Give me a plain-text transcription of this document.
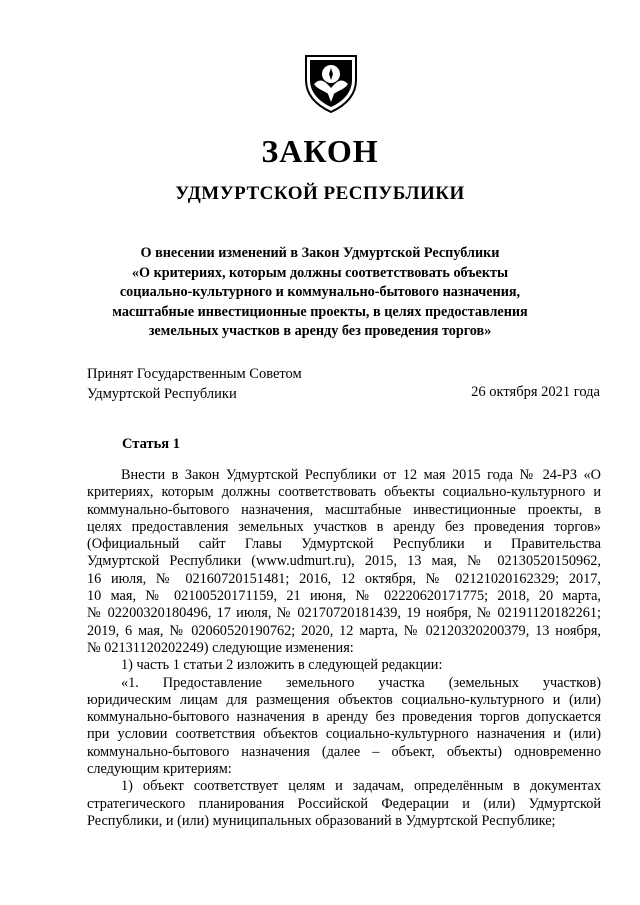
ЗАКОН
УДМУРТСКОЙ РЕСПУБЛИКИ
О внесении изменений в Закон Удмуртской Республики
«О критериях, которым должны соответствовать объекты
социально-культурного и коммунально-бытового назначения,
масштабные инвестиционные проекты, в целях предоставления
земельных участков в аренду без проведения торгов»
Принят Государственным Советом
Удмуртской Республики	26 октября 2021 года
Статья 1
Внести в Закон Удмуртской Республики от 12 мая 2015 года № 24-РЗ «О
критериях, которым должны соответствовать объекты социально-культурного и
коммунально-бытового назначения, масштабные инвестиционные проекты, в
целях предоставления земельных участков в аренду без проведения торгов»
(Официальный сайт Главы Удмуртской Республики и Правительства
Удмуртской Республики (www.udmurt.ru), 2015, 13 мая, № 02130520150962,
16 июля, № 02160720151481; 2016, 12 октября, № 02121020162329; 2017,
10 мая, № 02100520171159, 21 июня, № 02220620171775; 2018, 20 марта,
№ 02200320180496, 17 июля, № 02170720181439, 19 ноября, № 02191120182261;
2019, 6 мая, № 02060520190762; 2020, 12 марта, № 02120320200379, 13 ноября,
№ 02131120202249) следующие изменения:
1) часть 1 статьи 2 изложить в следующей редакции:
«1. Предоставление земельного участка (земельных участков)
юридическим лицам для размещения объектов социально-культурного и (или)
коммунально-бытового назначения в аренду без проведения торгов допускается
при условии соответствия объектов социально-культурного назначения и (или)
коммунально-бытового назначения (далее – объект, объекты) одновременно
следующим критериям:
1) объект соответствует целям и задачам, определённым в документах
стратегического планирования Российской Федерации и (или) Удмуртской
Республики, и (или) муниципальных образований в Удмуртской Республике;
